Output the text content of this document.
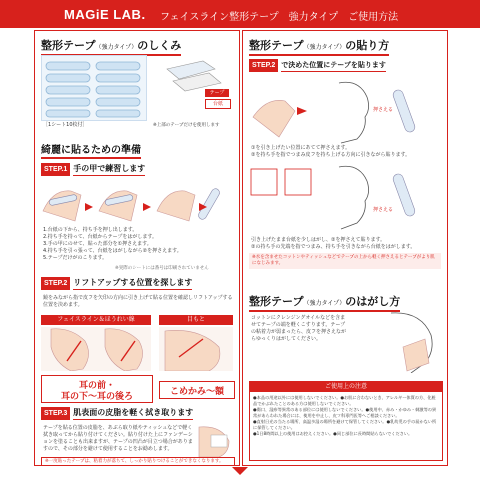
MAGiE LAB. フェイスライン整形テープ　強力タイプ　ご使用方法
整形テープ（強力タイプ）のしくみ
［1シート10枚付］
テープ
台紙
※上部のテープだけを使用します
綺麗に貼るための準備
STEP.1 手の甲で練習します
1.台紙の下から、持ち手を押し出します。
2.持ち手を持って、台紙からテープをはがします。
3.手の甲にのせて、貼った部分を①押さえます。
4.持ち手を引っ張って、台紙をはがしながら②を押さえます。
5.テープだけがのこります。
※実際のシートには番号は印刷されていません
STEP.2 リフトアップする位置を探します
鏡をみながら指で皮フを矢印の方向に引き上げて貼る位置を確認しリフトアップする位置を決めます。
フェイスライン＆ほうれい線	目もと
耳の前・
耳の下〜耳の後ろ	こめかみ〜額
STEP.3 肌表面の皮脂を軽く拭き取ります
テープを貼る位置の皮脂を、あぶら取り紙やティッシュなどで軽く拭き取ってから貼り付けてください。貼り付けた上にファンデーションを塗ることも出来ますが、テープの凹凸が目立つ場合がありますので、その部分を避けて使用することをお勧めします。
※一度貼ったテープは、粘着力が落ちて、しっかり貼りつけることができなくなります。
整形テープ（強力タイプ）の貼り方
STEP.2 で決めた位置にテープを貼ります
押さえる
①を引き上げたい位置にあてて押さえます。
②を持ち手を指でつまみ皮フを持ち上げる方向に引きながら貼ります。
押さえる
引き上げたまま台紙を少しはがし、②を押さえて貼ります。
②の持ち手の先端を指でつまみ、持ち手を引きながら台紙をはがします。
※水を含ませたコットンやティッシュなどでテープの上から軽く押さえるとテープがより肌になじみます。
整形テープ（強力タイプ）のはがし方
コットンにクレンジングオイルなどを含ませてテープの端を軽くこすります。テープの粘着力が弱まったら、皮フを押さえながらゆっくりはがしてください。
ご使用上の注意
●本品の用途以外には使用しないでください。●お肌に合わないとき、アレルギー体質の方、化粧品でかぶれたことのある方は使用しないでください。
●傷口、湿疹等異常のある部位には使用しないでください。●使用中、赤み・かゆみ・刺激等の異常があらわれた場合には、使用を中止し、皮フ科専門医等へご相談ください。
●直射日光の当たる場所、高温多湿の場所を避けて保管してください。●乳幼児の手の届かない所に保管してください。
●1日8時間以上の使用はお控えください。●同じ部位に長時間貼らないでください。
